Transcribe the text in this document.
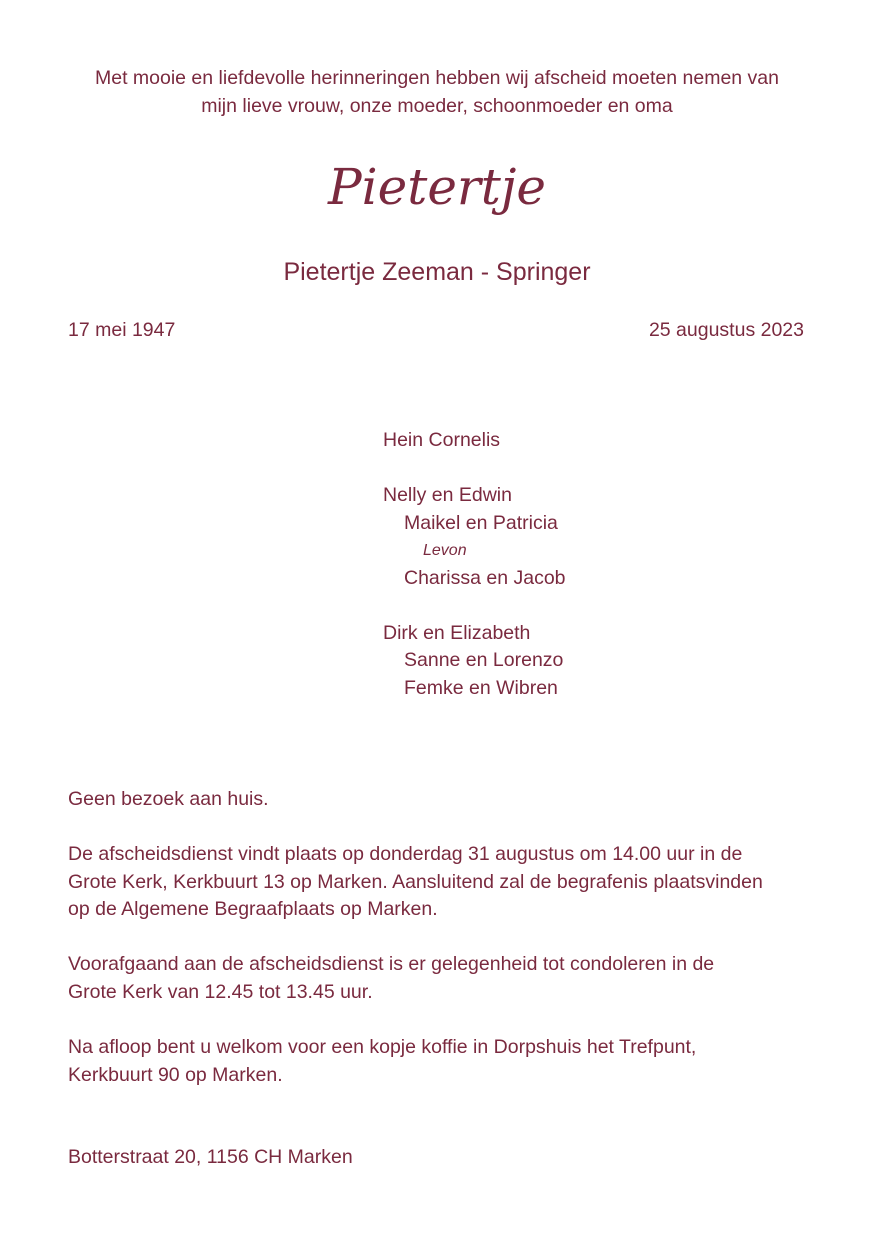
Met mooie en liefdevolle herinneringen hebben wij afscheid moeten nemen van
mijn lieve vrouw, onze moeder, schoonmoeder en oma

Pietertje
Pietertje Zeeman - Springer
17 mei 1947	25 augustus 2023
Hein Cornelis
Nelly en Edwin
Maikel en Patricia
Levon
Charissa en Jacob
Dirk en Elizabeth
Sanne en Lorenzo
Femke en Wibren

Geen bezoek aan huis.

De afscheidsdienst vindt plaats op donderdag 31 augustus om 14.00 uur in de
Grote Kerk, Kerkbuurt 13 op Marken. Aansluitend zal de begrafenis plaatsvinden
op de Algemene Begraafplaats op Marken.

Voorafgaand aan de afscheidsdienst is er gelegenheid tot condoleren in de
Grote Kerk van 12.45 tot 13.45 uur.

Na afloop bent u welkom voor een kopje koffie in Dorpshuis het Trefpunt,
Kerkbuurt 90 op Marken.

Botterstraat 20, 1156 CH Marken
